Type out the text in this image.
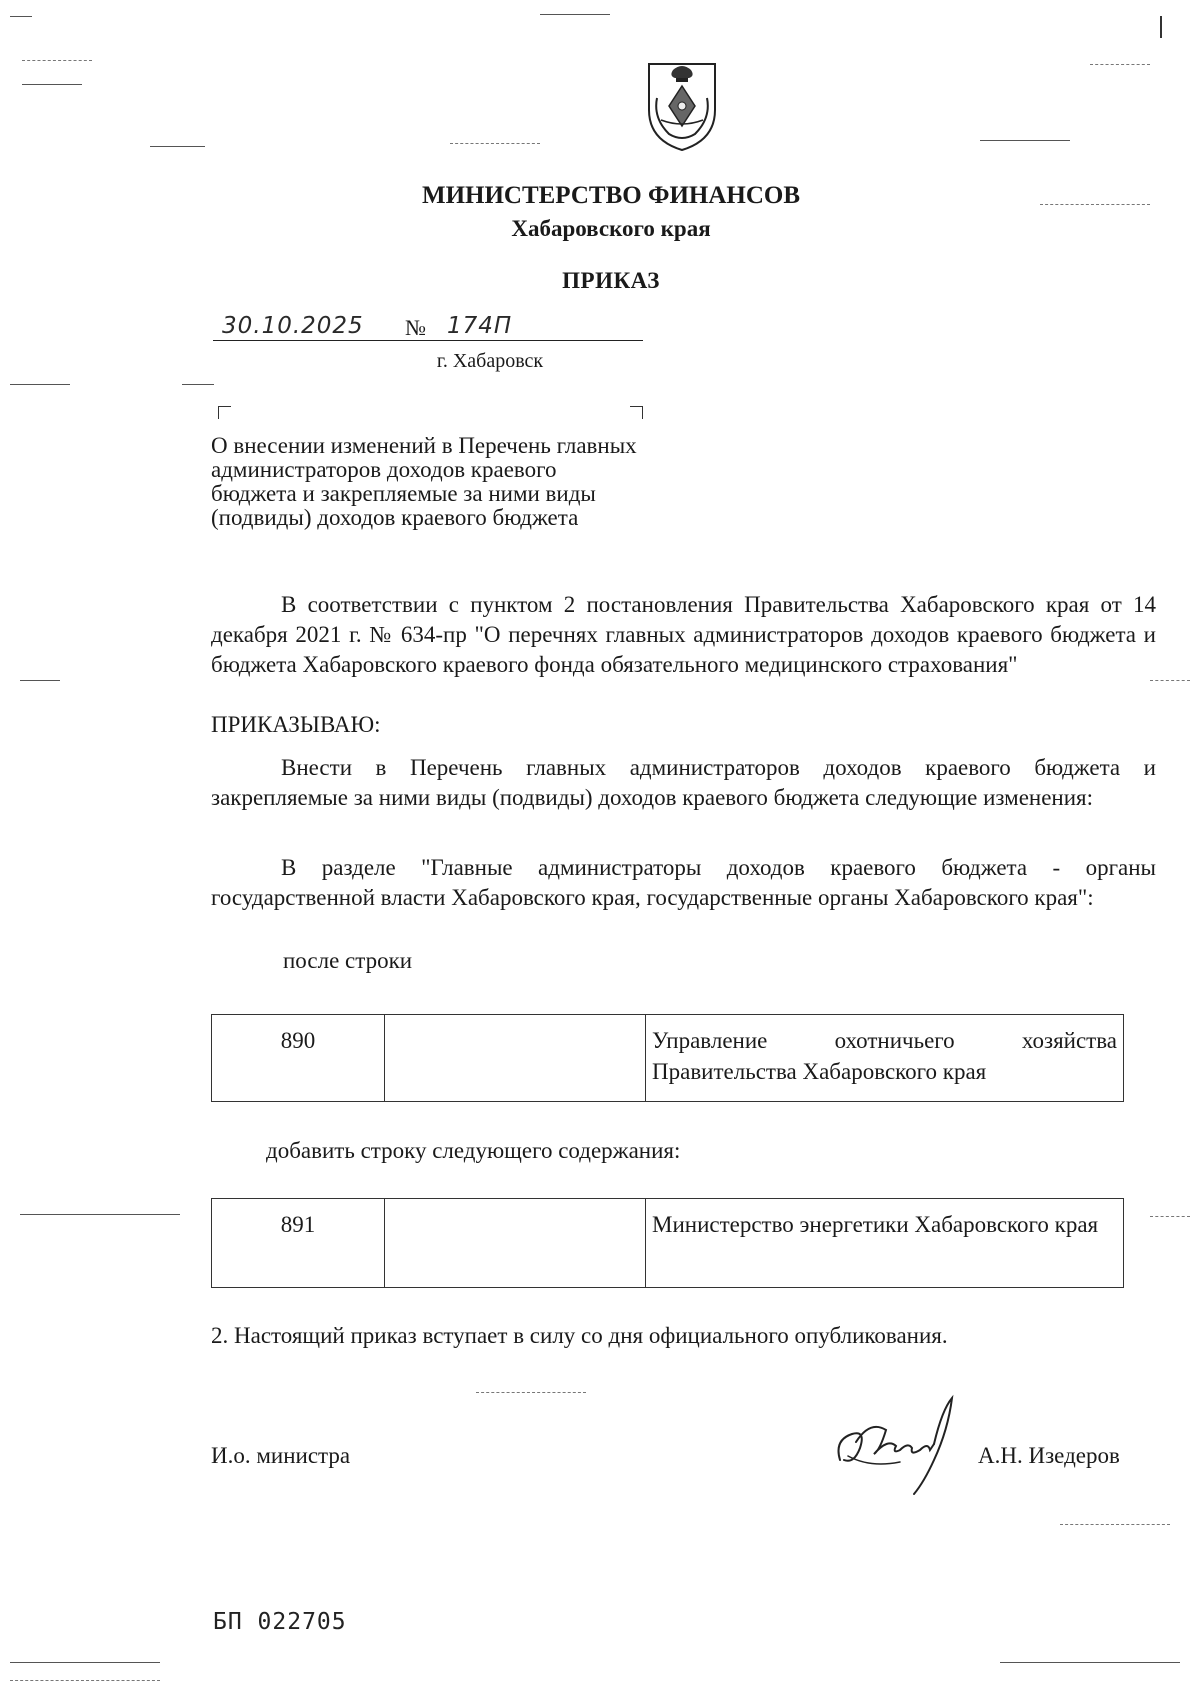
МИНИСТЕРСТВО ФИНАНСОВ
Хабаровского края
ПРИКАЗ
30.10.2025 № 174П
г. Хабаровск
О внесении изменений в Перечень главных администраторов доходов краевого бюджета и закрепляемые за ними виды (подвиды) доходов краевого бюджета
В соответствии с пунктом 2 постановления Правительства Хабаровского края от 14 декабря 2021 г. № 634-пр "О перечнях главных администраторов доходов краевого бюджета и бюджета Хабаровского краевого фонда обязательного медицинского страхования"
ПРИКАЗЫВАЮ:
Внести в Перечень главных администраторов доходов краевого бюджета и закрепляемые за ними виды (подвиды) доходов краевого бюджета следующие изменения:
В разделе "Главные администраторы доходов краевого бюджета - органы государственной власти Хабаровского края, государственные органы Хабаровского края":
после строки
890		Управление охотничьего хозяйства Правительства Хабаровского края
добавить строку следующего содержания:
891		Министерство энергетики Хабаровского края
2. Настоящий приказ вступает в силу со дня официального опубликования.
И.о. министра	А.Н. Изедеров
БП 022705
